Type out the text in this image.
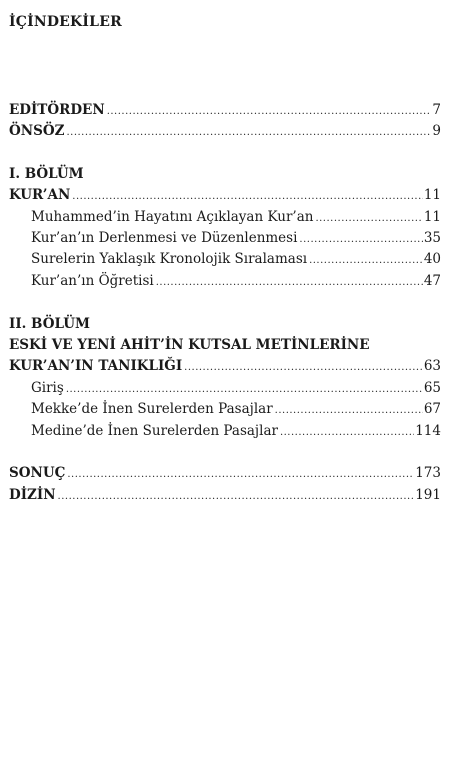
İÇİNDEKİLER
EDİTÖRDEN .....	7
ÖNSÖZ .....	9
I. BÖLÜM
KUR’AN .....	11
Muhammed’in Hayatını Açıklayan Kur’an .....	11
Kur’an’ın Derlenmesi ve Düzenlenmesi .....	35
Surelerin Yaklaşık Kronolojik Sıralaması .....	40
Kur’an’ın Öğretisi .....	47
II. BÖLÜM
ESKİ VE YENİ AHİT’İN KUTSAL METİNLERİNE
KUR’AN’IN TANIKLIĞI .....	63
Giriş .....	65
Mekke’de İnen Surelerden Pasajlar .....	67
Medine’de İnen Surelerden Pasajlar .....	114
SONUÇ .....	173
DİZİN .....	191
